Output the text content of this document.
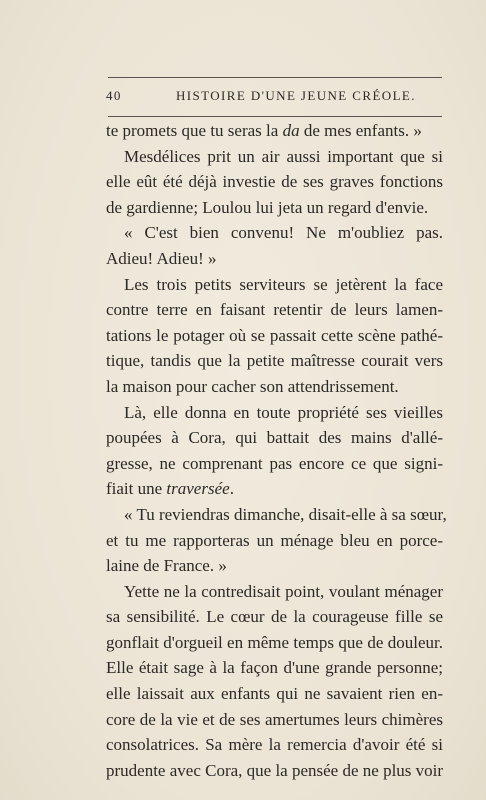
40	HISTOIRE D'UNE JEUNE CRÉOLE.
te promets que tu seras la da de mes enfants. »
Mesdélices prit un air aussi important que si
elle eût été déjà investie de ses graves fonctions
de gardienne; Loulou lui jeta un regard d'envie.
« C'est bien convenu! Ne m'oubliez pas.
Adieu! Adieu! »
Les trois petits serviteurs se jetèrent la face
contre terre en faisant retentir de leurs lamen-
tations le potager où se passait cette scène pathé-
tique, tandis que la petite maîtresse courait vers
la maison pour cacher son attendrissement.
Là, elle donna en toute propriété ses vieilles
poupées à Cora, qui battait des mains d'allé-
gresse, ne comprenant pas encore ce que signi-
fiait une traversée.
« Tu reviendras dimanche, disait-elle à sa sœur,
et tu me rapporteras un ménage bleu en porce-
laine de France. »
Yette ne la contredisait point, voulant ménager
sa sensibilité. Le cœur de la courageuse fille se
gonflait d'orgueil en même temps que de douleur.
Elle était sage à la façon d'une grande personne;
elle laissait aux enfants qui ne savaient rien en-
core de la vie et de ses amertumes leurs chimères
consolatrices. Sa mère la remercia d'avoir été si
prudente avec Cora, que la pensée de ne plus voir
